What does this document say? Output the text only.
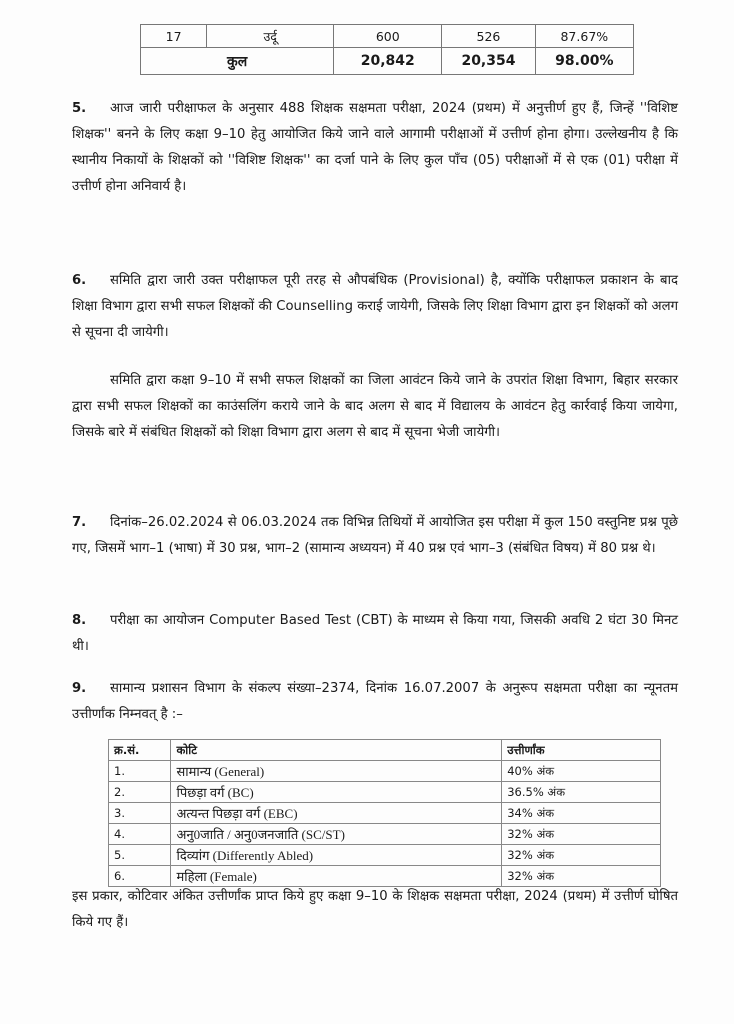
17	उर्दू	600	526	87.67%
कुल		20,842	20,354	98.00%
5. आज जारी परीक्षाफल के अनुसार 488 शिक्षक सक्षमता परीक्षा, 2024 (प्रथम) में अनुत्तीर्ण हुए हैं, जिन्हें ''विशिष्ट शिक्षक'' बनने के लिए कक्षा 9–10 हेतु आयोजित किये जाने वाले आगामी परीक्षाओं में उत्तीर्ण होना होगा। उल्लेखनीय है कि स्थानीय निकायों के शिक्षकों को ''विशिष्ट शिक्षक'' का दर्जा पाने के लिए कुल पाँच (05) परीक्षाओं में से एक (01) परीक्षा में उत्तीर्ण होना अनिवार्य है।
6. समिति द्वारा जारी उक्त परीक्षाफल पूरी तरह से औपबंधिक (Provisional) है, क्योंकि परीक्षाफल प्रकाशन के बाद शिक्षा विभाग द्वारा सभी सफल शिक्षकों की Counselling कराई जायेगी, जिसके लिए शिक्षा विभाग द्वारा इन शिक्षकों को अलग से सूचना दी जायेगी।
समिति द्वारा कक्षा 9–10 में सभी सफल शिक्षकों का जिला आवंटन किये जाने के उपरांत शिक्षा विभाग, बिहार सरकार द्वारा सभी सफल शिक्षकों का काउंसलिंग कराये जाने के बाद अलग से बाद में विद्यालय के आवंटन हेतु कार्रवाई किया जायेगा, जिसके बारे में संबंधित शिक्षकों को शिक्षा विभाग द्वारा अलग से बाद में सूचना भेजी जायेगी।
7. दिनांक–26.02.2024 से 06.03.2024 तक विभिन्न तिथियों में आयोजित इस परीक्षा में कुल 150 वस्तुनिष्ट प्रश्न पूछे गए, जिसमें भाग–1 (भाषा) में 30 प्रश्न, भाग–2 (सामान्य अध्ययन) में 40 प्रश्न एवं भाग–3 (संबंधित विषय) में 80 प्रश्न थे।
8. परीक्षा का आयोजन Computer Based Test (CBT) के माध्यम से किया गया, जिसकी अवधि 2 घंटा 30 मिनट थी।
9. सामान्य प्रशासन विभाग के संकल्प संख्या–2374, दिनांक 16.07.2007 के अनुरूप सक्षमता परीक्षा का न्यूनतम उत्तीर्णांक निम्नवत् है :–
क्र.सं.	कोटि	उत्तीर्णांक
1.	सामान्य (General)	40% अंक
2.	पिछड़ा वर्ग (BC)	36.5% अंक
3.	अत्यन्त पिछड़ा वर्ग (EBC)	34% अंक
4.	अनु0जाति / अनु0जनजाति (SC/ST)	32% अंक
5.	दिव्यांग (Differently Abled)	32% अंक
6.	महिला (Female)	32% अंक
इस प्रकार, कोटिवार अंकित उत्तीर्णांक प्राप्त किये हुए कक्षा 9–10 के शिक्षक सक्षमता परीक्षा, 2024 (प्रथम) में उत्तीर्ण घोषित किये गए हैं।
